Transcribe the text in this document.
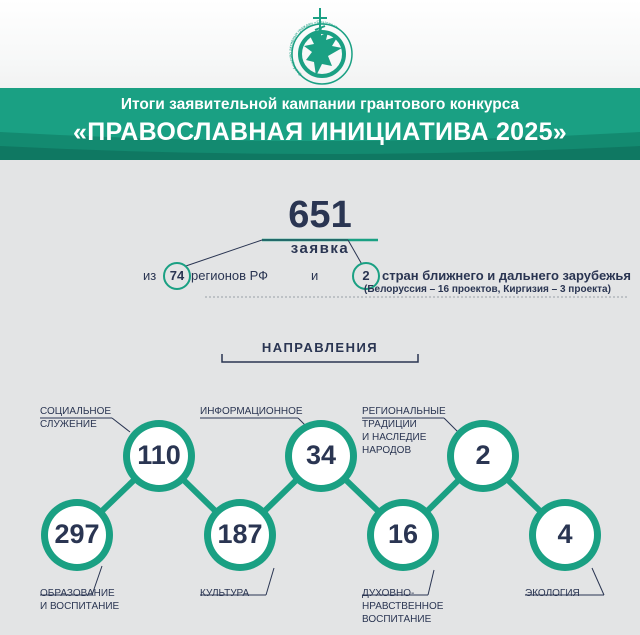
Сообщество активных граждан «Благовест»
Итоги заявительной кампании грантового конкурса
«ПРАВОСЛАВНАЯ ИНИЦИАТИВА 2025»
651
заявка
из	74 регионов РФ	и	2 стран ближнего и дальнего зарубежья
(Белоруссия – 16 проектов, Киргизия – 3 проекта)
НАПРАВЛЕНИЯ
СОЦИАЛЬНОЕ
СЛУЖЕНИЕ
ИНФОРМАЦИОННОЕ	РЕГИОНАЛЬНЫЕ
ТРАДИЦИИ
И НАСЛЕДИЕ
НАРОДОВ
110	34	2
297	187	16	4
ОБРАЗОВАНИЕ
И ВОСПИТАНИЕ
КУЛЬТУРА	ДУХОВНО-
НРАВСТВЕННОЕ
ВОСПИТАНИЕ
ЭКОЛОГИЯ
